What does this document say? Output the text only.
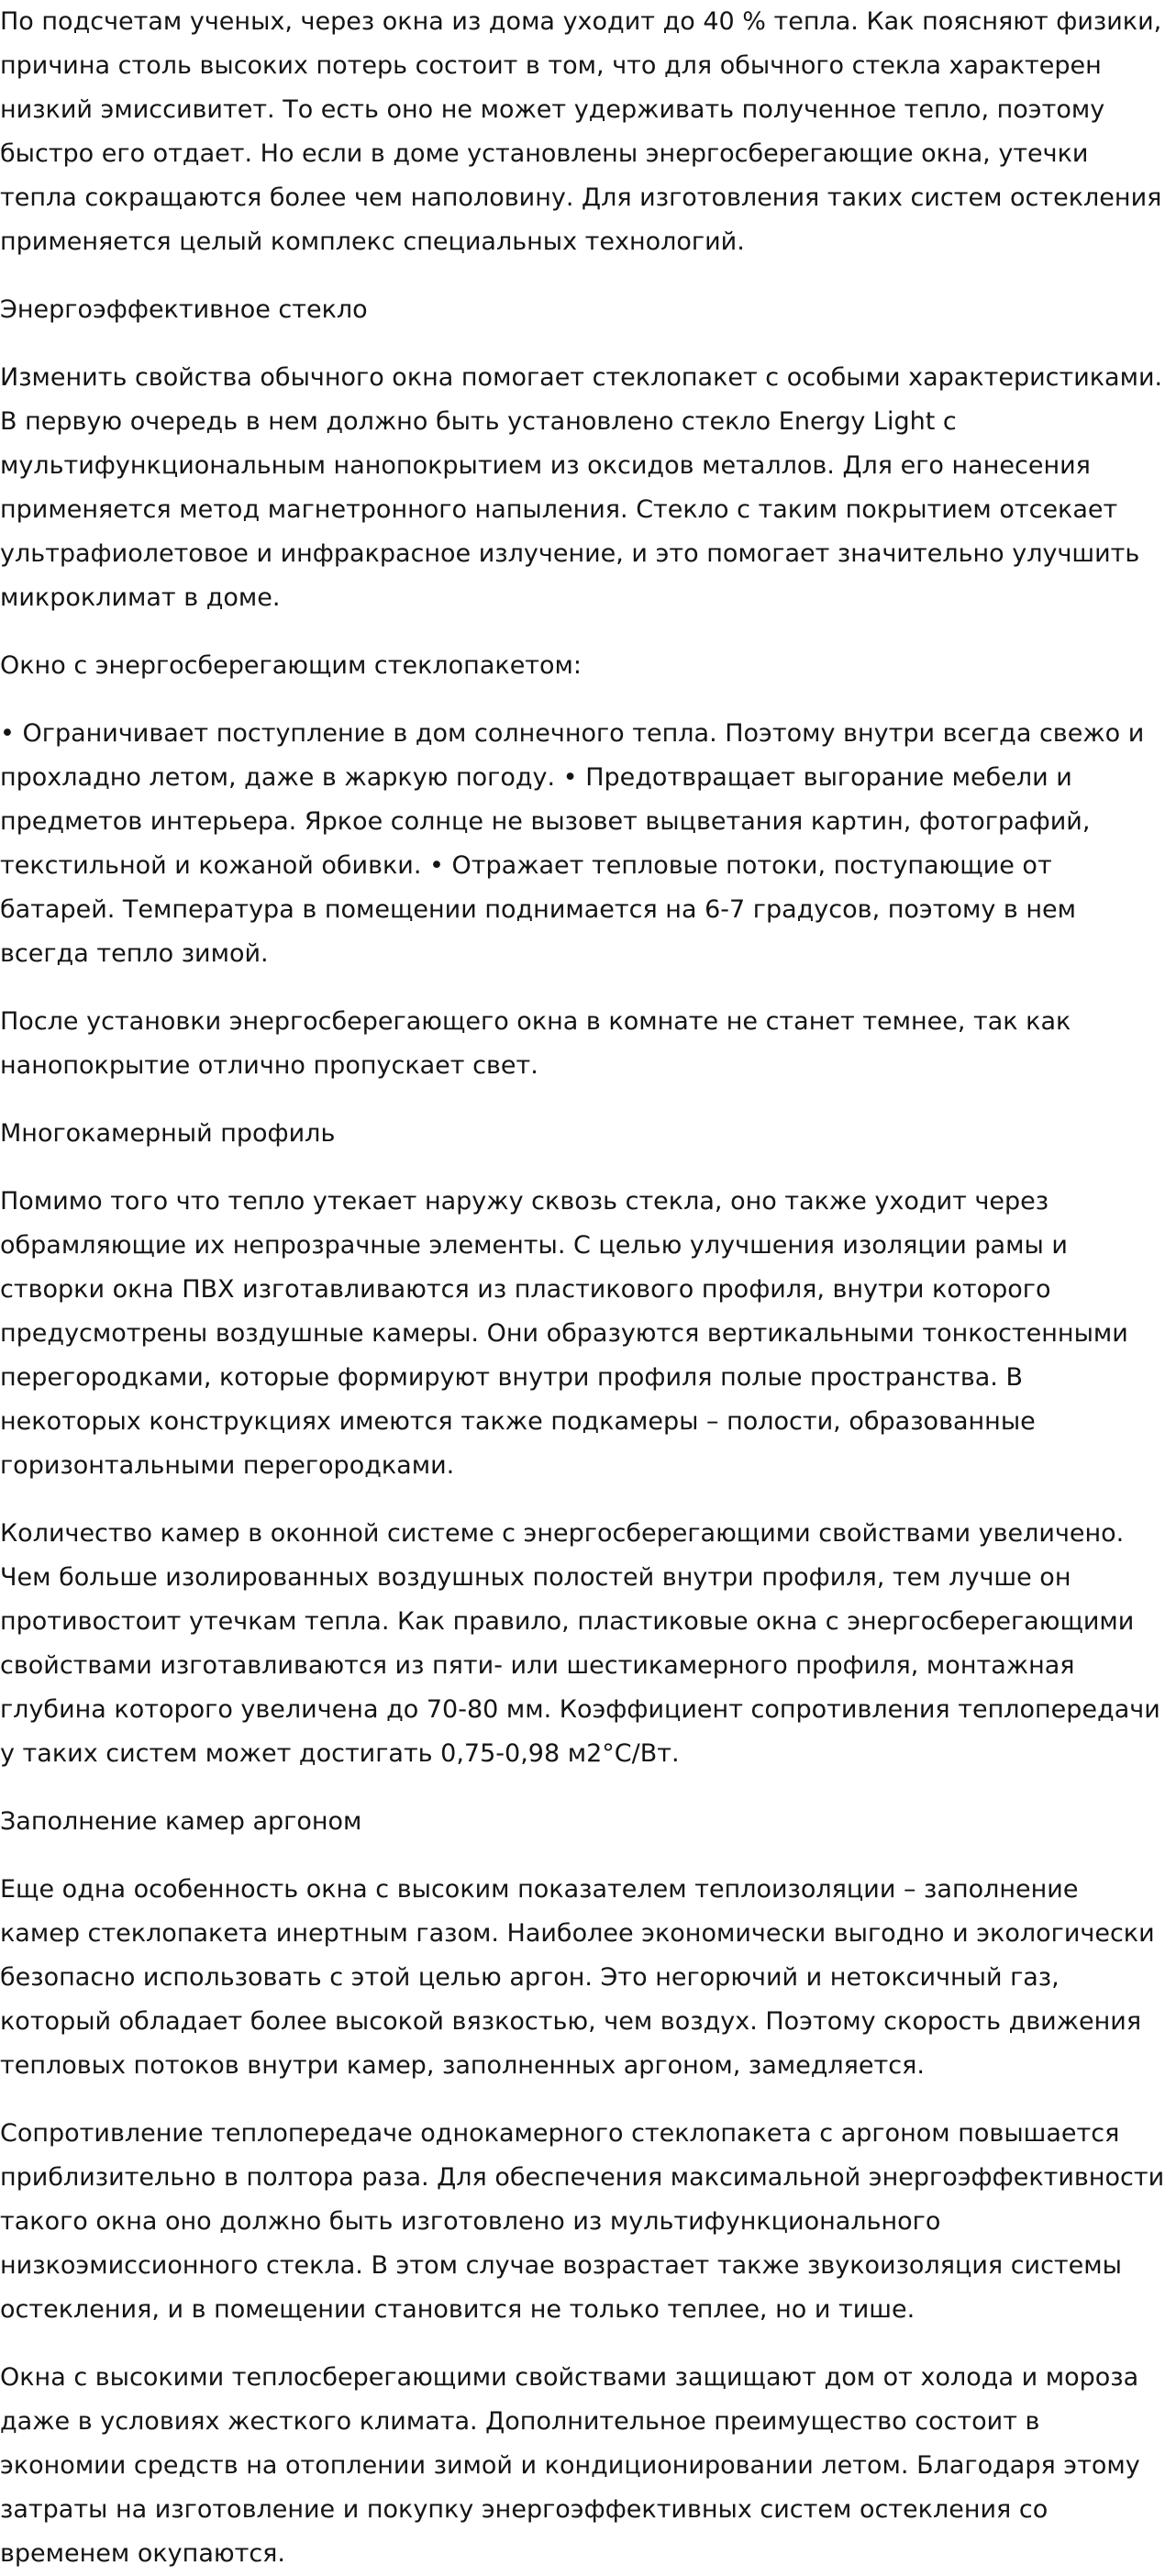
По подсчетам ученых, через окна из дома уходит до 40 % тепла. Как поясняют физики, причина столь высоких потерь состоит в том, что для обычного стекла характерен низкий эмиссивитет. То есть оно не может удерживать полученное тепло, поэтому быстро его отдает. Но если в доме установлены энергосберегающие окна, утечки тепла сокращаются более чем наполовину. Для изготовления таких систем остекления применяется целый комплекс специальных технологий.

Энергоэффективное стекло

Изменить свойства обычного окна помогает стеклопакет с особыми характеристиками. В первую очередь в нем должно быть установлено стекло Energy Light с мультифункциональным нанопокрытием из оксидов металлов. Для его нанесения применяется метод магнетронного напыления. Стекло с таким покрытием отсекает ультрафиолетовое и инфракрасное излучение, и это помогает значительно улучшить микроклимат в доме.

Окно с энергосберегающим стеклопакетом:

• Ограничивает поступление в дом солнечного тепла. Поэтому внутри всегда свежо и прохладно летом, даже в жаркую погоду. • Предотвращает выгорание мебели и предметов интерьера. Яркое солнце не вызовет выцветания картин, фотографий, текстильной и кожаной обивки. • Отражает тепловые потоки, поступающие от батарей. Температура в помещении поднимается на 6-7 градусов, поэтому в нем всегда тепло зимой.

После установки энергосберегающего окна в комнате не станет темнее, так как нанопокрытие отлично пропускает свет.

Многокамерный профиль

Помимо того что тепло утекает наружу сквозь стекла, оно также уходит через обрамляющие их непрозрачные элементы. С целью улучшения изоляции рамы и створки окна ПВХ изготавливаются из пластикового профиля, внутри которого предусмотрены воздушные камеры. Они образуются вертикальными тонкостенными перегородками, которые формируют внутри профиля полые пространства. В некоторых конструкциях имеются также подкамеры – полости, образованные горизонтальными перегородками.

Количество камер в оконной системе с энергосберегающими свойствами увеличено. Чем больше изолированных воздушных полостей внутри профиля, тем лучше он противостоит утечкам тепла. Как правило, пластиковые окна с энергосберегающими свойствами изготавливаются из пяти- или шестикамерного профиля, монтажная глубина которого увеличена до 70-80 мм. Коэффициент сопротивления теплопередачи у таких систем может достигать 0,75-0,98 м2°С/Вт.

Заполнение камер аргоном

Еще одна особенность окна с высоким показателем теплоизоляции – заполнение камер стеклопакета инертным газом. Наиболее экономически выгодно и экологически безопасно использовать с этой целью аргон. Это негорючий и нетоксичный газ, который обладает более высокой вязкостью, чем воздух. Поэтому скорость движения тепловых потоков внутри камер, заполненных аргоном, замедляется.

Сопротивление теплопередаче однокамерного стеклопакета с аргоном повышается приблизительно в полтора раза. Для обеспечения максимальной энергоэффективности такого окна оно должно быть изготовлено из мультифункционального низкоэмиссионного стекла. В этом случае возрастает также звукоизоляция системы остекления, и в помещении становится не только теплее, но и тише.

Окна с высокими теплосберегающими свойствами защищают дом от холода и мороза даже в условиях жесткого климата. Дополнительное преимущество состоит в экономии средств на отоплении зимой и кондиционировании летом. Благодаря этому затраты на изготовление и покупку энергоэффективных систем остекления со временем окупаются.
